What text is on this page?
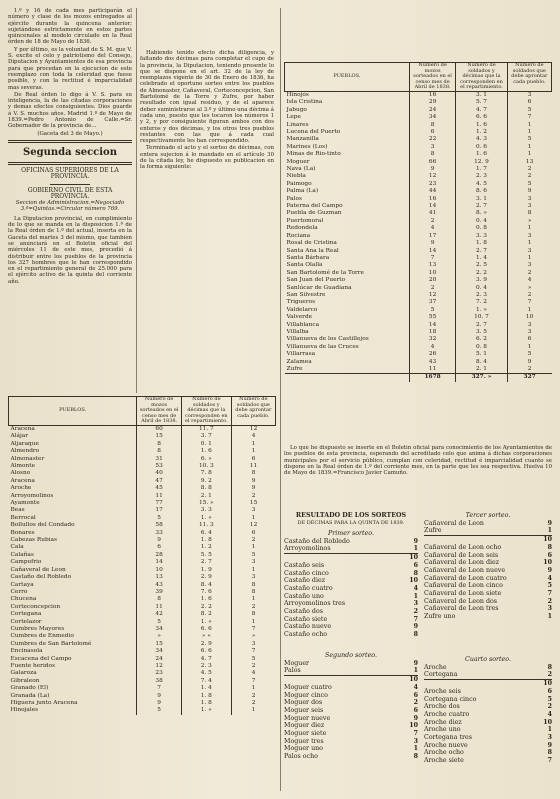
1.º y 16 de cada mes participarán el número y clase de los mozos entregados al ejército durante la quincena anterior; sujetándose estrictamente en estos partes quincenales al modelo circulado en la Real órden de 18 de Mayo de 1836.

Y por último, es la voluntad de S. M. que V. S. excite el celo y patriotismo del Consejo, Diputacion y Ayuntamientos de esa provincia para que procedan en la ejecucion de este reemplazo con toda la celeridad que fuese posible, y con la rectitud é imparcialidad mas severas.

De Real órden lo digo á V. S. para su inteligencia, la de las citadas corporaciones y demas efectos consiguientes. Dios guarde á V. S. muchos años. Madrid 1.º de Mayo de 1839.=Pedro Antonio de Calle.=Sr. Gobernador de la provincia de...

(Gaceta del 3 de Mayo.)

Segunda seccion
OFICINAS SUPERIORES DE LA PROVINCIA.
GOBIERNO CIVIL DE ESTA PROVINCIA.

Seccion de Administracion.=Negociado 3.º=Quintas.=Circular número 769.

La Diputacion provincial, en cumplimiento de lo que se manda en la disposicion 1.ª de la Real órden de 1.º del actual, inserta en la Gaceta del martes 3 del mismo, que tambien se anunciará en el Boletin oficial del miércoles 11 de este mes, procedió á distribuir entre los pueblos de la provincia los 327 hombres que le han correspondido en el repartimiento general de 25.000 para el ejército activo de la quinta del corriente año.

Habiendo tenido efecto dicha diligencia, y faltando dos décimas para completar el cupo de la provincia, la Diputacion, teniendo presente lo que se dispone en el art. 32 de la ley de reemplazos vigente de 30 de Enero de 1836, ha celebrado el oportuno sorteo entre los pueblos de Almonaster, Cañaveral, Corteconcepcion, San Bartolomé de la Torre y Zufre, por haber resultado con igual residuo, y de el aparece deber suministrarse al 3.º y último una décima á cada uno, puesto que les tocaron los números 1 y 2, y por consiguiente figuran ambos con dos enteros y dos décimas, y los otros tres pueblos restantes con las que á cada cual respectivamente les han correspondido.

Terminado el acto y el sorteo de décimas, con entera sujecion á lo mandado en el artículo 30 de la citada ley, he dispuesto su publicacion en la forma siguiente:

PUEBLOS.	Número de mozos sorteados en el censo mes de Abril de 1838.	Número de soldados y décimas que la corresponden en el repartimiento.	Número de soldados que debe aprontar cada pueblo.
Aracena	60	11. 7	12
Alájar	15	3. 7	4
Aljaraque	8	0. 1	1
Almendro	8	1. 6	1
Almonaster	31	6. »	6
Almonte	53	10. 3	11
Alosno	40	7. 8	8
Aracena	47	9. 2	9
Aroche	45	8. 8	9
Arroyomolinos	11	2. 1	2
Ayamonte	77	15. »	15
Beas	17	3. 3	3
Berrocal	5	1. »	1
Bollullos del Condado	58	11. 3	12
Bonares	33	6. 4	6
Cabezas Rubias	9	1. 8	2
Cala	6	1. 2	1
Calañas	28	5. 5	5
Campofrio	14	2. 7	3
Cañaveral de Leon	10	1. 9	1
Castaño del Robledo	13	2. 9	3
Cartaya	43	8. 4	8
Cerro	39	7. 6	8
Chucena	8	1. 6	1
Corteconcepcion	11	2. 2	2
Cortegana	42	8. 2	8
Cortelazor	5	1. »	1
Cumbres Mayores	34	6. 6	7
Cumbres de Enmedio	»	» »	»
Cumbres de San Bartolomé	15	2. 9	3
Encinasola	34	6. 6	7
Escacena del Campo	24	4. 7	5
Fuente heridos	12	2. 3	2
Galaroza	23	4. 5	4
Gibraleon	38	7. 4	7
Granado (El)	7	1. 4	1
Granada (La)	9	1. 8	2
Higuera junto Aracena	9	1. 8	2
Hinojales	5	1. »	1
PUEBLOS.	Número de mozos sorteados en el censo mes de Abril de 1838.	Número de soldados y décimas que la corresponden en el repartimiento.	Número de soldados que debe aprontar cada pueblo.
Hinojos	16	3. 1	3
Isla Cristina	29	5. 7	6
Jabugo	24	4. 7	5
Lepe	34	6. 6	7
Linares	8	1. 6	1
Lucena del Puerto	6	1. 2	1
Manzanilla	22	4. 3	5
Marines (Los)	3	0. 6	1
Minas de Rio-tinto	8	1. 6	1
Moguer	66	12. 9	13
Nava (La)	9	1. 7	2
Niebla	12	2. 3	2
Paimogo	23	4. 5	5
Palma (La)	44	8. 6	9
Palos	16	3. 1	3
Paterna del Campo	14	2. 7	3
Puebla de Guzman	41	8. »	8
Puertomoral	2	0. 4	»
Redondela	4	0. 8	1
Rociana	17	3. 3	3
Rosal de Cristina	9	1. 8	1
Santa Ana la Real	14	2. 7	3
Santa Bárbara	7	1. 4	1
Santa Olalla	13	2. 5	3
San Bartolomé de la Torre	10	2. 2	2
San Juan del Puerto	20	3. 9	4
Sanlúcar de Guadiana	2	0. 4	»
San Silvestre	12	2. 3	2
Trigueros	37	7. 2	7
Valdelarco	5	1. »	1
Valverde	55	10. 7	10
Villablanca	14	2. 7	3
Villalba	18	3. 5	3
Villanueva de los Castillejos	32	6. 2	6
Villanueva de las Cruces	4	0. 8	1
Villarrasa	26	5. 1	5
Zalamea	43	8. 4	9
Zufre	11	2. 1	2
	1678	327. »	327

Lo que he dispuesto se inserte en el Boletin oficial para conocimiento de los Ayuntamientos de los pueblos de esta provincia, esperando del acreditado celo que anima á dichas corporaciones municipales por el servicio público, cumplan con celeridad, rectitud é imparcialidad cuanto se dispone en la Real órden de 1.º del corriente mes, en la parte que les sea respectiva. Huelva 10 de Mayo de 1839.=Francisco Javier Camuño.

RESULTADO DE LOS SORTEOS
DE DÉCIMAS PARA LA QUINTA DE 1839.
Primer sorteo.
Castaño del Robledo	9
Arroyomolinos	1
10
Castaño seis	6
Castaño cinco	8
Castaño diez	10
Castaño cuatro	4
Castaño uno	1
Arroyomolinos tres	3
Castaño dos	2
Castaño siete	7
Castaño nueve	9
Castaño ocho	8
Segundo sorteo.
Moguer	9
Palos	1
10
Moguer cuatro	4
Moguer cinco	6
Moguer dos	2
Moguer seis	6
Moguer nueve	9
Moguer diez	10
Moguer siete	7
Moguer tres	3
Moguer uno	1
Palos ocho	8
Tercer sorteo.
Cañaveral de Leon	9
Zufre	1
10
Cañaveral de Leon ocho	8
Cañaveral de Leon seis	6
Cañaveral de Leon diez	10
Cañaveral de Leon nueve	9
Cañaveral de Leon cuatro	4
Cañaveral de Leon cinco	5
Cañaveral de Leon siete	7
Cañaveral de Leon dos	2
Cañaveral de Leon tres	3
Zufre uno	1
Cuarto sorteo.
Aroche	8
Cortegana	2
10
Aroche seis	6
Cortegana cinco	5
Aroche dos	2
Aroche cuatro	4
Aroche diez	10
Aroche uno	1
Cortegana tres	3
Aroche nueve	9
Aroche ocho	8
Aroche siete	7
